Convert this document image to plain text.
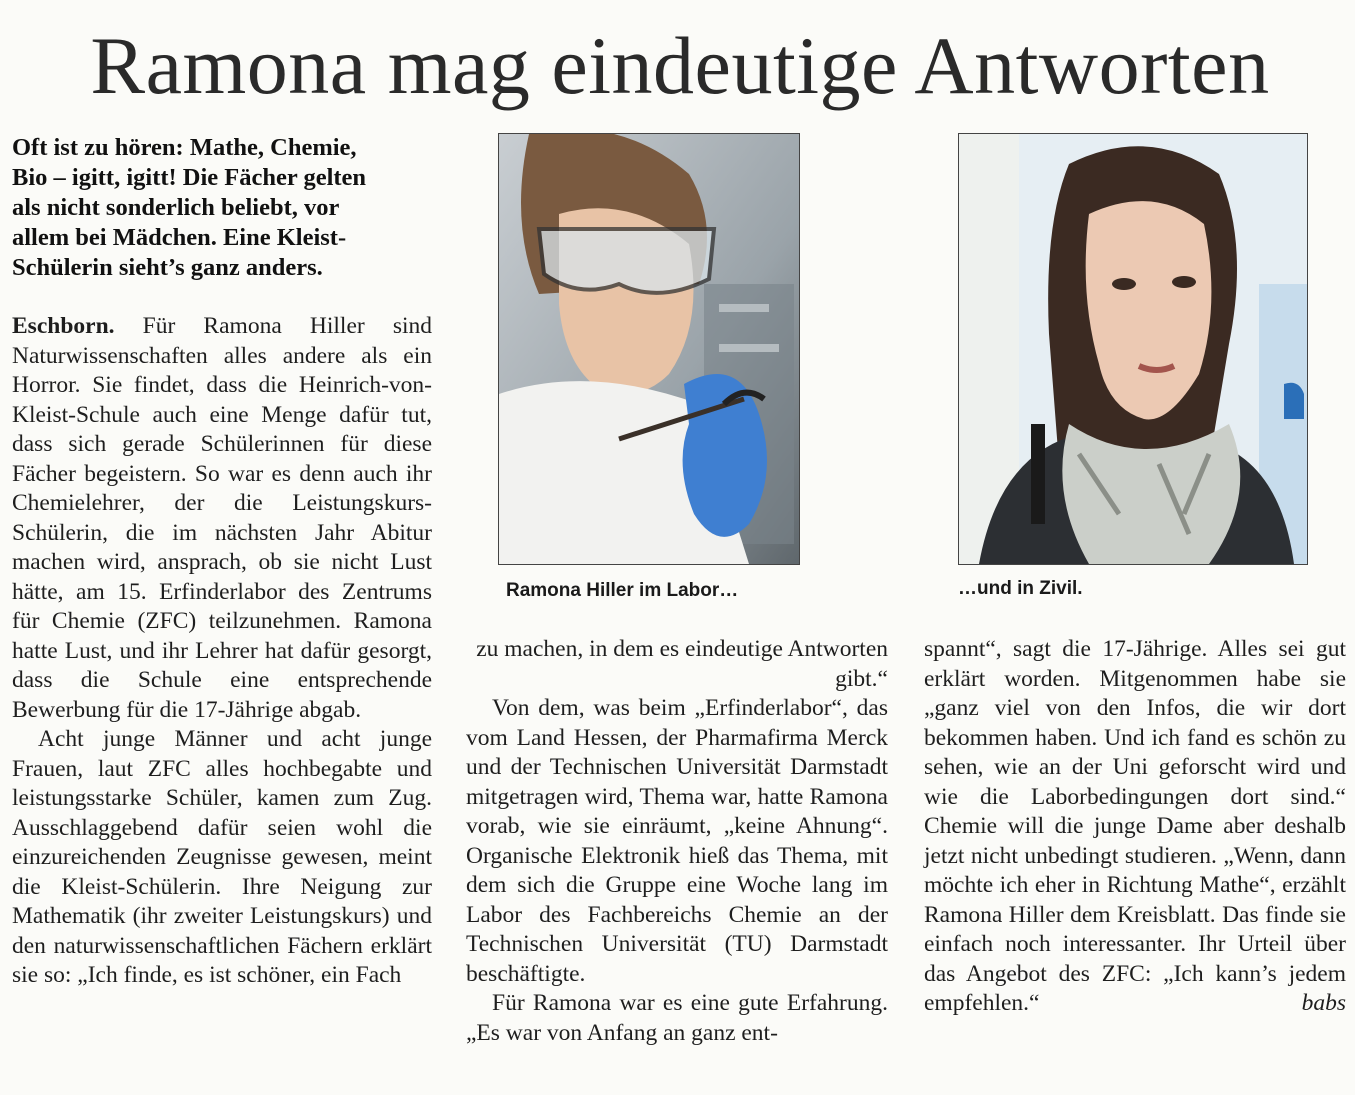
Ramona mag eindeutige Antworten

Oft ist zu hören: Mathe, Chemie, Bio – igitt, igitt! Die Fächer gelten als nicht sonderlich beliebt, vor allem bei Mädchen. Eine Kleist-Schülerin sieht’s ganz anders.

Eschborn. Für Ramona Hiller sind Naturwissenschaften alles andere als ein Horror. Sie findet, dass die Heinrich-von-Kleist-Schule auch eine Menge dafür tut, dass sich gerade Schülerinnen für diese Fächer begeistern. So war es denn auch ihr Chemielehrer, der die Leistungskurs-Schülerin, die im nächsten Jahr Abitur machen wird, ansprach, ob sie nicht Lust hätte, am 15. Erfinderlabor des Zentrums für Chemie (ZFC) teilzunehmen. Ramona hatte Lust, und ihr Lehrer hat dafür gesorgt, dass die Schule eine entsprechende Bewerbung für die 17-Jährige abgab.

Acht junge Männer und acht junge Frauen, laut ZFC alles hochbegabte und leistungsstarke Schüler, kamen zum Zug. Ausschlaggebend dafür seien wohl die einzureichenden Zeugnisse gewesen, meint die Kleist-Schülerin. Ihre Neigung zur Mathematik (ihr zweiter Leistungskurs) und den naturwissenschaftlichen Fächern erklärt sie so: „Ich finde, es ist schöner, ein Fach

Ramona Hiller im Labor…	…und in Zivil.

zu machen, in dem es eindeutige Antworten gibt.“

Von dem, was beim „Erfinderlabor“, das vom Land Hessen, der Pharmafirma Merck und der Technischen Universität Darmstadt mitgetragen wird, Thema war, hatte Ramona vorab, wie sie einräumt, „keine Ahnung“. Organische Elektronik hieß das Thema, mit dem sich die Gruppe eine Woche lang im Labor des Fachbereichs Chemie an der Technischen Universität (TU) Darmstadt beschäftigte.

Für Ramona war es eine gute Erfahrung. „Es war von Anfang an ganz ent-

spannt“, sagt die 17-Jährige. Alles sei gut erklärt worden. Mitgenommen habe sie „ganz viel von den Infos, die wir dort bekommen haben. Und ich fand es schön zu sehen, wie an der Uni geforscht wird und wie die Laborbedingungen dort sind.“ Chemie will die junge Dame aber deshalb jetzt nicht unbedingt studieren. „Wenn, dann möchte ich eher in Richtung Mathe“, erzählt Ramona Hiller dem Kreisblatt. Das finde sie einfach noch interessanter. Ihr Urteil über das Angebot des ZFC: „Ich kann’s jedem empfehlen.“	babs
